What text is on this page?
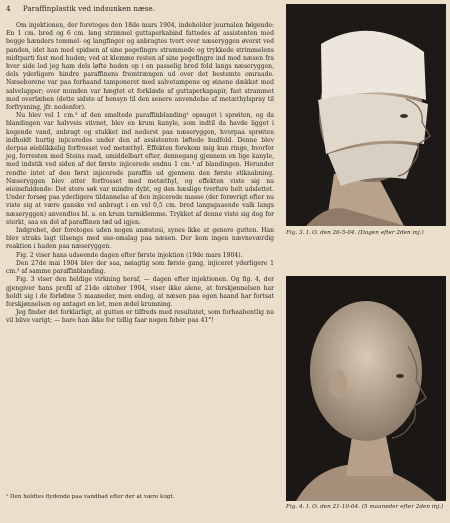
4 Paraffinplastik ved indsunken næse.

Om injektionen, der foretoges den 18de mars 1904, indeholder journalen følgende: En 1 cm. bred og 6 cm. lang strimmel guttaperkabind fattedes af assistenten med begge hænders tommel- og langfinger og anbragtes tvert over næseryggen øverst ved panden, idet han med spidsen af sine pegefingre strammede og trykkede strimmelens midtparti fast mod huden; ved at klemme resten af sine pegefingre ind mod næsen fra hver side lod jeg ham dels løfte huden op i en passelig bred fold langs næseryggen, dels yderligere hindre paraffinens fremtrængen ud over det bestemte omraade. Næseborene var paa forhaand tamponeret med salvetampone og øinene dækket med salvelapper; over munden var hægtet et forklæde af guttaperkapapir, fast strammet mod overlæben (dette sidste af hensyn til den senere anvendelse af metæthylspray til forfrysning, jfr. nedenfor).

Nu blev vel 1 cm.³ af den smeltede paraffinblanding¹ opsuget i sprøiten, og da blandingen var halvveis stivnet, blev en krum kanyle, som indtil da havde ligget i kogende vand, anbragt og stukket ind nederst paa næseryggen, hvorpaa sprøiten indholdt hurtig injiceredes under den af assistenten løftede hudfold. Denne blev derpaa øieblikkelig forfrosset ved metæthyl. Effekten forekom mig kun ringe, hvorfor jeg, forresten med Steins raad, umiddelbart efter, dennegang gjennem en lige kanyle, med indstik ved siden af det første injicerede endnu 1 cm.³ af blandingen. Herunder rendte intet af den først injicerede paraffin ud gjennem den første stikaabning. Næseryggen blev atter forfrosset med metæthyl, og effekten viste sig nu øieinefaldende: Det store søk var mindre dybt, og den hæslige tverfure helt udslettet. Under forsøg paa yderligere tildannelse af den injicerede masse (der forøvrigt efter nu viste sig at være ganske vel anbragt i en vel 0,5 cm. bred langsgaaende valk langs næseryggen) anvendtes bl. a. en krum tarmklemme. Trykket af denne viste sig dog for sterkt, saa en del af paraffinen tød ud igjen.

Indgrebet, der foretoges uden nogen anæstesi, synes ikke at genere gutten. Han blev straks lagt tilsengs med sne-omslag paa næsen. Der kom ingen nævneværdig reaktion i huden paa næseryggen.

Fig. 2 viser hans udseende dagen efter første injektion (19de mars 1904).

Den 27de mai 1904 blev der saa, nøiagtig som første gang, injiceret yderligere 1 cm.³ af samme paraffinblanding.

Fig. 3 viser den heldige virkning heraf, — dagen efter injektionen. Og fig. 4, der gjengiver hans profil af 21de oktober 1904, viser ikke alene, at forskjønnelsen har holdt sig i de forløbne 5 maaneder, men endog, at næsen paa egen haand har fortsat forskjønnelsen og antaget en let, men ædel krumning.

Jeg finder det forklarligt, at gutten er tilfreds med resultatet, som forhaabentlig nu vil blive varigt; — bare han ikke for tidlig faar nogen feber paa 41°!

¹ Den holdtes flydende paa vandbad efter der at være kogt.
Fig. 3. I. O. den 26-5-04. (Dagen efter 2den inj.)
Fig. 4. I. O. den 21-10-04. (5 maaneder efter 2den inj.)
